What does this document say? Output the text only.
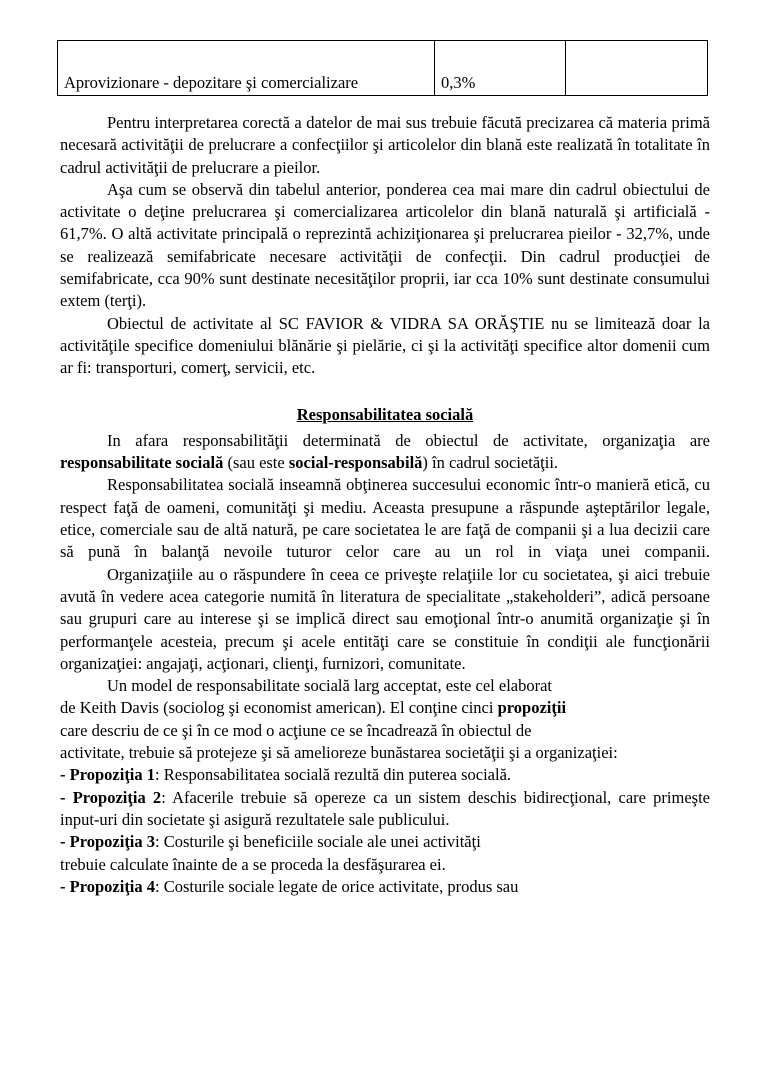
Aprovizionare - depozitare şi comercializare	0,3%	

Pentru interpretarea corectă a datelor de mai sus trebuie făcută precizarea că materia primă necesară activităţii de prelucrare a confecţiilor şi articolelor din blană este realizată în totalitate în cadrul activităţii de prelucrare a pieilor.

Aşa cum se observă din tabelul anterior, ponderea cea mai mare din cadrul obiectului de activitate o deţine prelucrarea şi comercializarea articolelor din blană naturală şi artificială - 61,7%. O altă activitate principală o reprezintă achiziţionarea şi prelucrarea pieilor - 32,7%, unde se realizează semifabricate necesare activităţii de confecţii. Din cadrul producţiei de semifabricate, cca 90% sunt destinate necesităţilor proprii, iar cca 10% sunt destinate consumului extem (terţi).

Obiectul de activitate al SC FAVIOR & VIDRA SA ORĂŞTIE nu se limitează doar la activităţile specifice domeniului blănărie şi pielărie, ci şi la activităţi specifice altor domenii cum ar fi: transporturi, comerţ, servicii, etc.

Responsabilitatea socială

In afara responsabilităţii determinată de obiectul de activitate, organizaţia are responsabilitate socială (sau este social-responsabilă) în cadrul societăţii.

Responsabilitatea socială inseamnă obţinerea succesului economic într-o manieră etică, cu respect faţă de oameni, comunităţi şi mediu. Aceasta presupune a răspunde aşteptărilor legale, etice, comerciale sau de altă natură, pe care societatea le are faţă de companii şi a lua decizii care să pună în balanţă nevoile tuturor celor care au un rol in viaţa unei companii.

Organizaţiile au o răspundere în ceea ce priveşte relaţiile lor cu societatea, şi aici trebuie avută în vedere acea categorie numită în literatura de specialitate „stakeholderi”, adică persoane sau grupuri care au interese şi se implică direct sau emoţional într-o anumită organizaţie şi în performanţele acesteia, precum şi acele entităţi care se constituie în condiţii ale funcţionării organizaţiei: angajaţi, acţionari, clienţi, furnizori, comunitate.

Un model de responsabilitate socială larg acceptat, este cel elaborat

de Keith Davis (sociolog şi economist american). El conţine cinci propoziţii

care descriu de ce şi în ce mod o acţiune ce se încadrează în obiectul de

activitate, trebuie să protejeze şi să amelioreze bunăstarea societăţii şi a organizaţiei:

- Propoziţia 1: Responsabilitatea socială rezultă din puterea socială.

- Propoziţia 2: Afacerile trebuie să opereze ca un sistem deschis bidirecţional, care primeşte input-uri din societate şi asigură rezultatele sale publicului.

- Propoziţia 3: Costurile şi beneficiile sociale ale unei activităţi

trebuie calculate înainte de a se proceda la desfăşurarea ei.

- Propoziţia 4: Costurile sociale legate de orice activitate, produs sau
